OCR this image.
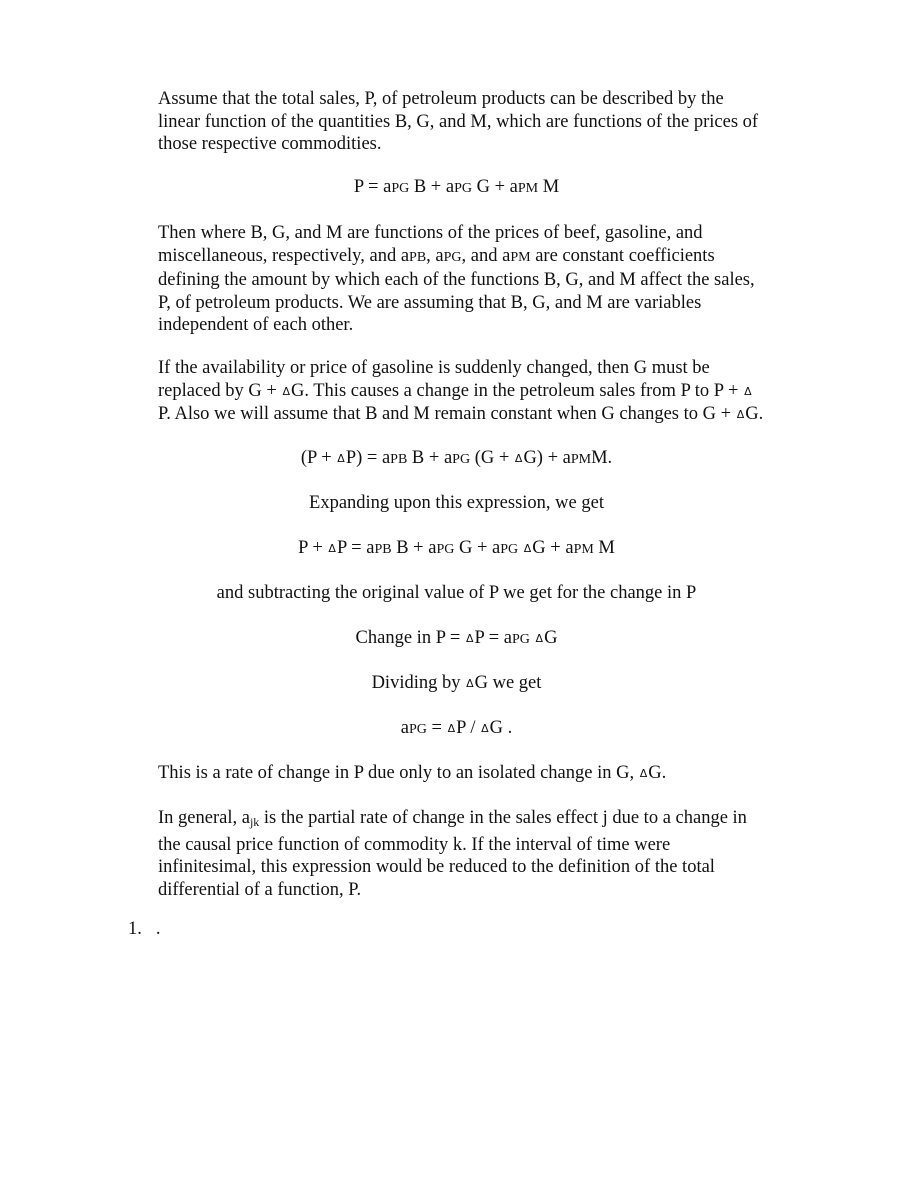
Assume that the total sales, P, of petroleum products can be described by the
linear function of the quantities B, G, and M, which are functions of the prices of
those respective commodities.

P = aPG B + aPG G + aPM M

Then where B, G, and M are functions of the prices of beef, gasoline, and
miscellaneous, respectively, and aPB, aPG, and aPM are constant coefficients
defining the amount by which each of the functions B, G, and M affect the sales,
P, of petroleum products. We are assuming that B, G, and M are variables
independent of each other.

If the availability or price of gasoline is suddenly changed, then G must be
replaced by G + ΔG. This causes a change in the petroleum sales from P to P + Δ
P. Also we will assume that B and M remain constant when G changes to G + ΔG.

(P + ΔP) = aPB B + aPG (G + ΔG) + aPMM.

Expanding upon this expression, we get

P + ΔP = aPB B + aPG G + aPG ΔG + aPM M

and subtracting the original value of P we get for the change in P

Change in P = ΔP = aPG ΔG

Dividing by ΔG we get

aPG = ΔP / ΔG .

This is a rate of change in P due only to an isolated change in G, ΔG.

In general, ajk is the partial rate of change in the sales effect j due to a change in
the causal price function of commodity k. If the interval of time were
infinitesimal, this expression would be reduced to the definition of the total
differential of a function, P.

1. .
